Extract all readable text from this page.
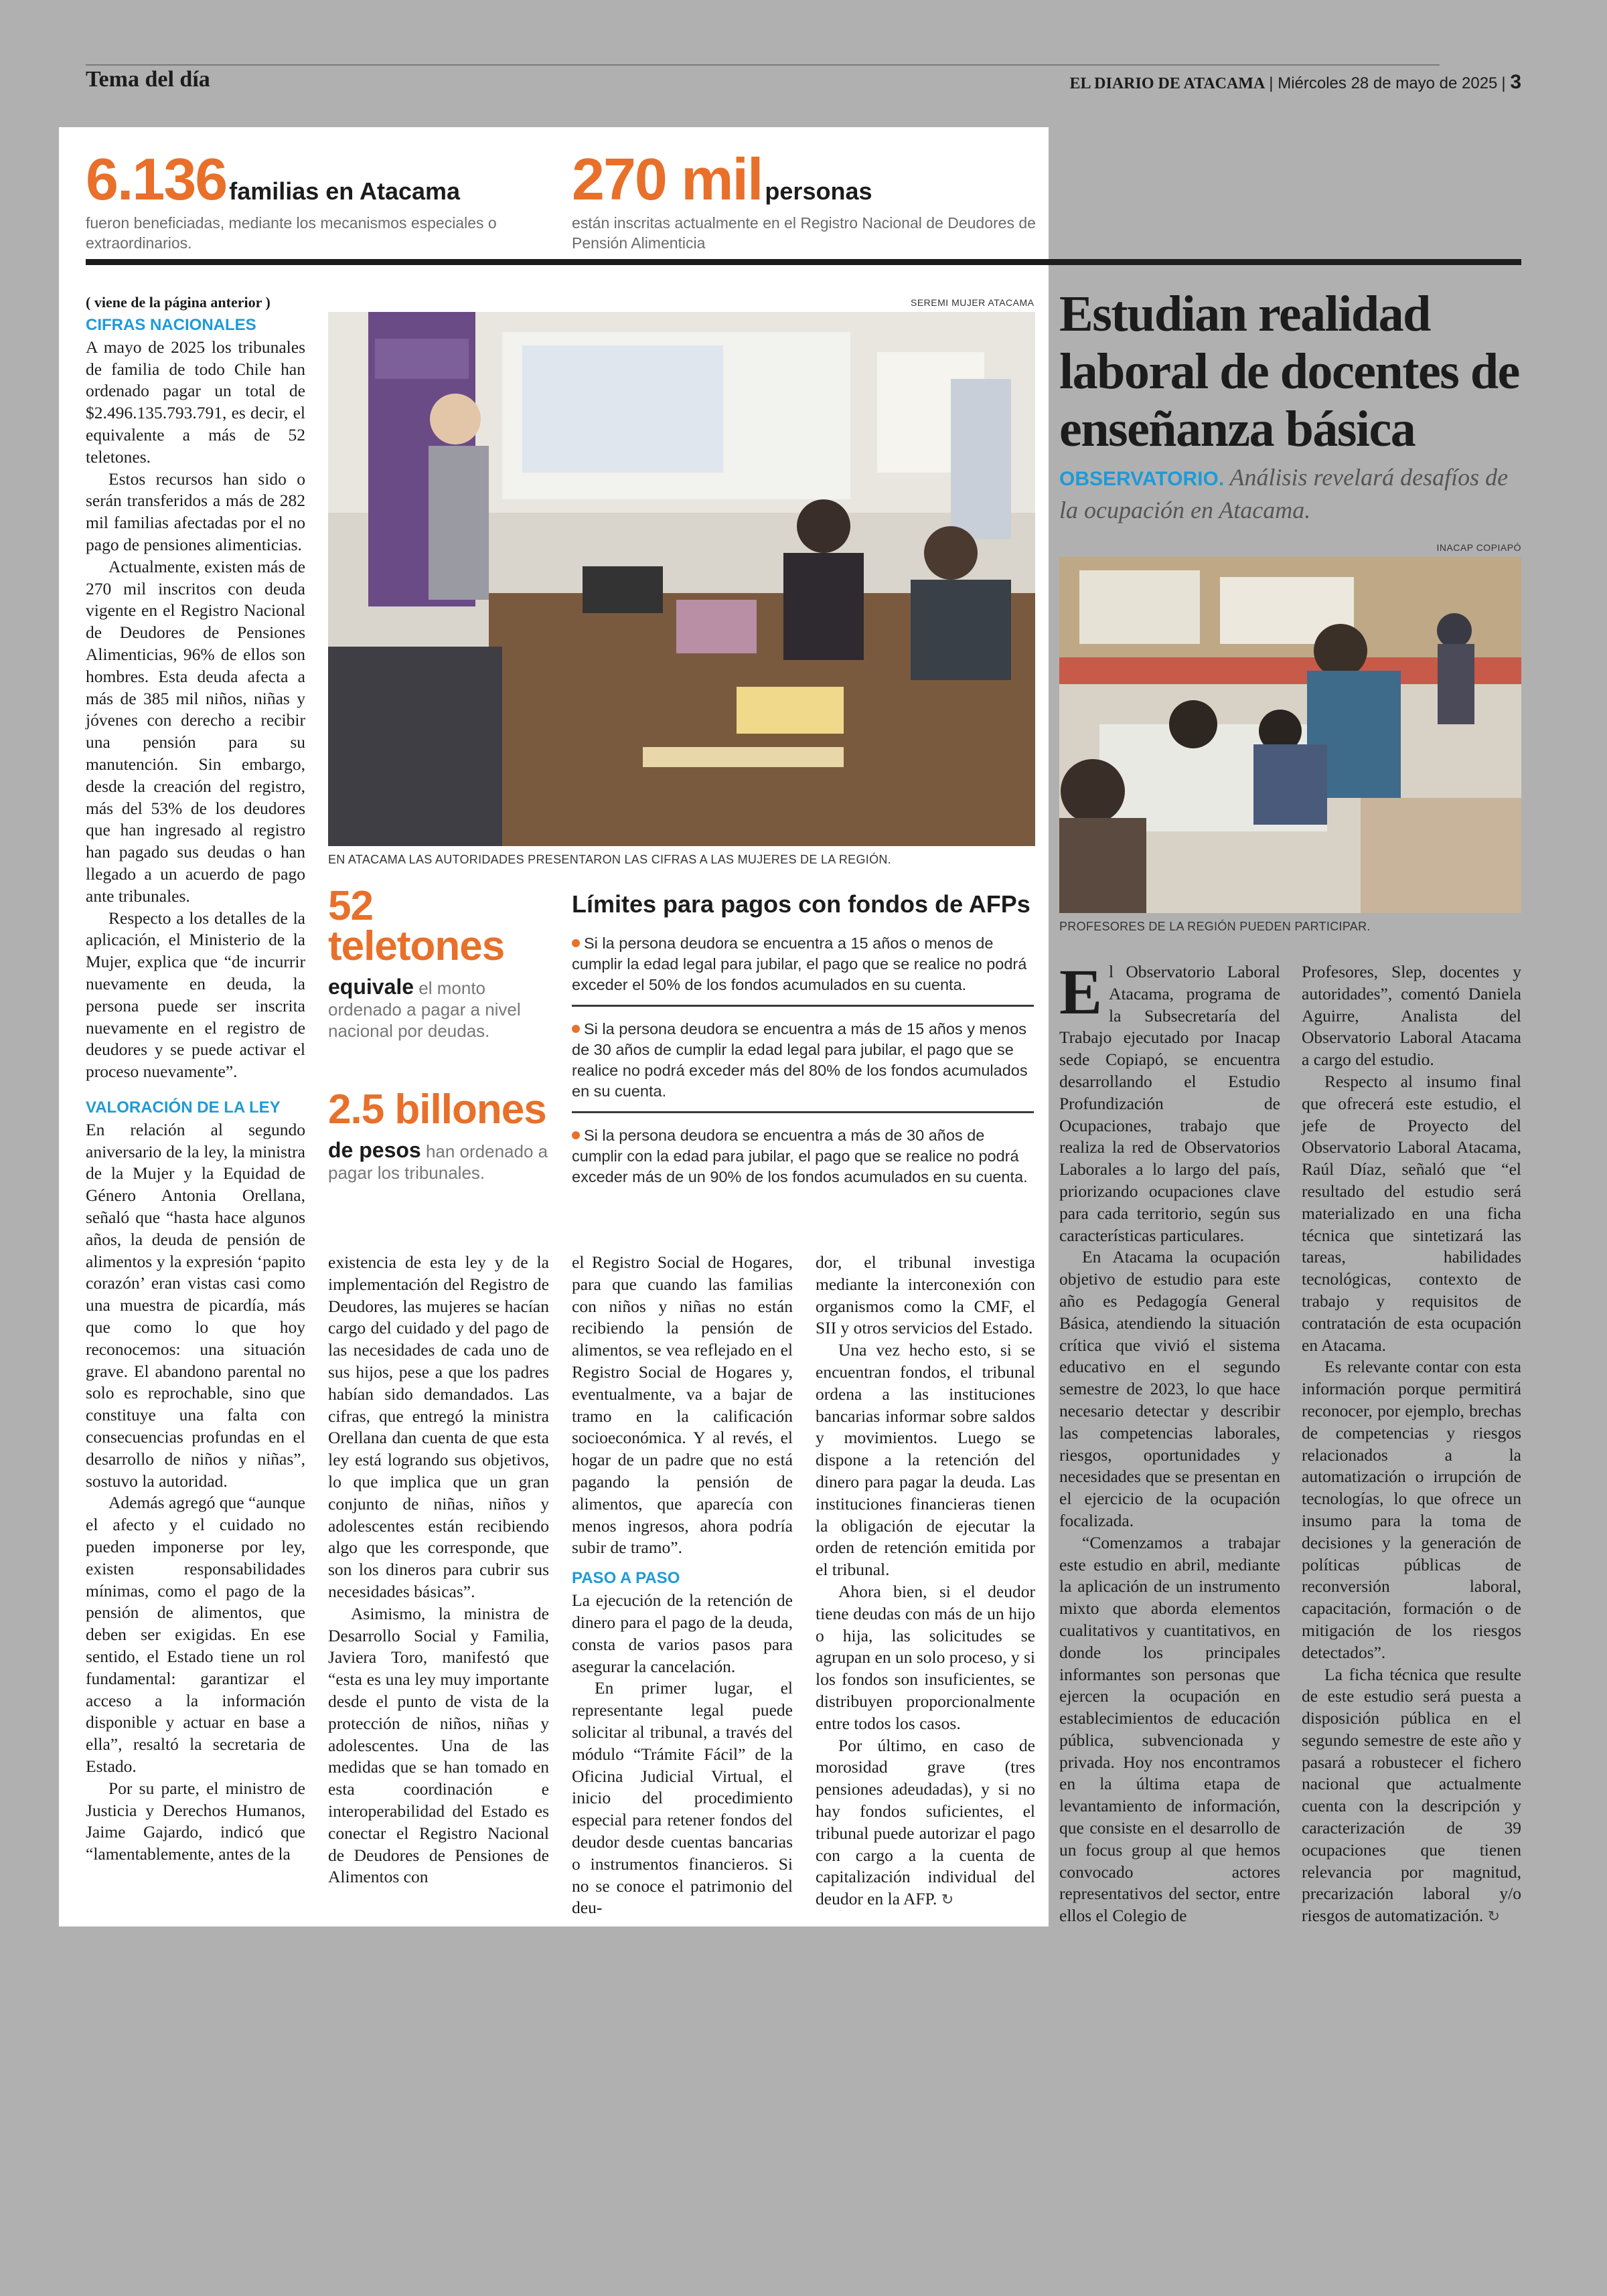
Tema del día	EL DIARIO DE ATACAMA | Miércoles 28 de mayo de 2025 | 3
6.136 familias en Atacama
fueron beneficiadas, mediante los mecanismos especiales o extraordinarios.
270 mil personas
están inscritas actualmente en el Registro Nacional de Deudores de Pensión Alimenticia

( viene de la página anterior )

CIFRAS NACIONALES

A mayo de 2025 los tribunales de familia de todo Chile han ordenado pagar un total de $2.496.135.793.791, es decir, el equivalente a más de 52 teletones.

Estos recursos han sido o serán transferidos a más de 282 mil familias afectadas por el no pago de pensiones alimenticias.

Actualmente, existen más de 270 mil inscritos con deuda vigente en el Registro Nacional de Deudores de Pensiones Alimenticias, 96% de ellos son hombres. Esta deuda afecta a más de 385 mil niños, niñas y jóvenes con derecho a recibir una pensión para su manutención. Sin embargo, desde la creación del registro, más del 53% de los deudores que han ingresado al registro han pagado sus deudas o han llegado a un acuerdo de pago ante tribunales.

Respecto a los detalles de la aplicación, el Ministerio de la Mujer, explica que “de incurrir nuevamente en deuda, la persona puede ser inscrita nuevamente en el registro de deudores y se puede activar el proceso nuevamente”.

VALORACIÓN DE LA LEY

En relación al segundo aniversario de la ley, la ministra de la Mujer y la Equidad de Género Antonia Orellana, señaló que “hasta hace algunos años, la deuda de pensión de alimentos y la expresión ‘papito corazón’ eran vistas casi como una muestra de picardía, más que como lo que hoy reconocemos: una situación grave. El abandono parental no solo es reprochable, sino que constituye una falta con consecuencias profundas en el desarrollo de niños y niñas”, sostuvo la autoridad.

Además agregó que “aunque el afecto y el cuidado no pueden imponerse por ley, existen responsabilidades mínimas, como el pago de la pensión de alimentos, que deben ser exigidas. En ese sentido, el Estado tiene un rol fundamental: garantizar el acceso a la información disponible y actuar en base a ella”, resaltó la secretaria de Estado.

Por su parte, el ministro de Justicia y Derechos Humanos, Jaime Gajardo, indicó que “lamentablemente, antes de la

SEREMI MUJER ATACAMA
EN ATACAMA LAS AUTORIDADES PRESENTARON LAS CIFRAS A LAS MUJERES DE LA REGIÓN.
52 teletones
equivale el monto ordenado a pagar a nivel nacional por deudas.
2.5 billones
de pesos han ordenado a pagar los tribunales.
Límites para pagos con fondos de AFPs
Si la persona deudora se encuentra a 15 años o menos de cumplir la edad legal para jubilar, el pago que se realice no podrá exceder el 50% de los fondos acumulados en su cuenta.
Si la persona deudora se encuentra a más de 15 años y menos de 30 años de cumplir la edad legal para jubilar, el pago que se realice no podrá exceder más del 80% de los fondos acumulados en su cuenta.
Si la persona deudora se encuentra a más de 30 años de cumplir con la edad para jubilar, el pago que se realice no podrá exceder más de un 90% de los fondos acumulados en su cuenta.

existencia de esta ley y de la implementación del Registro de Deudores, las mujeres se hacían cargo del cuidado y del pago de las necesidades de cada uno de sus hijos, pese a que los padres habían sido demandados. Las cifras, que entregó la ministra Orellana dan cuenta de que esta ley está logrando sus objetivos, lo que implica que un gran conjunto de niñas, niños y adolescentes están recibiendo algo que les corresponde, que son los dineros para cubrir sus necesidades básicas”.

Asimismo, la ministra de Desarrollo Social y Familia, Javiera Toro, manifestó que “esta es una ley muy importante desde el punto de vista de la protección de niños, niñas y adolescentes. Una de las medidas que se han tomado en esta coordinación e interoperabilidad del Estado es conectar el Registro Nacional de Deudores de Pensiones de Alimentos con

el Registro Social de Hogares, para que cuando las familias con niños y niñas no están recibiendo la pensión de alimentos, se vea reflejado en el Registro Social de Hogares y, eventualmente, va a bajar de tramo en la calificación socioeconómica. Y al revés, el hogar de un padre que no está pagando la pensión de alimentos, que aparecía con menos ingresos, ahora podría subir de tramo”.

PASO A PASO

La ejecución de la retención de dinero para el pago de la deuda, consta de varios pasos para asegurar la cancelación.

En primer lugar, el representante legal puede solicitar al tribunal, a través del módulo “Trámite Fácil” de la Oficina Judicial Virtual, el inicio del procedimiento especial para retener fondos del deudor desde cuentas bancarias o instrumentos financieros. Si no se conoce el patrimonio del deu-

dor, el tribunal investiga mediante la interconexión con organismos como la CMF, el SII y otros servicios del Estado.

Una vez hecho esto, si se encuentran fondos, el tribunal ordena a las instituciones bancarias informar sobre saldos y movimientos. Luego se dispone a la retención del dinero para pagar la deuda. Las instituciones financieras tienen la obligación de ejecutar la orden de retención emitida por el tribunal.

Ahora bien, si el deudor tiene deudas con más de un hijo o hija, las solicitudes se agrupan en un solo proceso, y si los fondos son insuficientes, se distribuyen proporcionalmente entre todos los casos.

Por último, en caso de morosidad grave (tres pensiones adeudadas), y si no hay fondos suficientes, el tribunal puede autorizar el pago con cargo a la cuenta de capitalización individual del deudor en la AFP. ↻

Estudian realidad laboral de docentes de enseñanza básica
OBSERVATORIO. Análisis revelará desafíos de la ocupación en Atacama.
INACAP COPIAPÓ
PROFESORES DE LA REGIÓN PUEDEN PARTICIPAR.

El Observatorio Laboral Atacama, programa de la Subsecretaría del Trabajo ejecutado por Inacap sede Copiapó, se encuentra desarrollando el Estudio Profundización de Ocupaciones, trabajo que realiza la red de Observatorios Laborales a lo largo del país, priorizando ocupaciones clave para cada territorio, según sus características particulares.

En Atacama la ocupación objetivo de estudio para este año es Pedagogía General Básica, atendiendo la situación crítica que vivió el sistema educativo en el segundo semestre de 2023, lo que hace necesario detectar y describir las competencias laborales, riesgos, oportunidades y necesidades que se presentan en el ejercicio de la ocupación focalizada.

“Comenzamos a trabajar este estudio en abril, mediante la aplicación de un instrumento mixto que aborda elementos cualitativos y cuantitativos, en donde los principales informantes son personas que ejercen la ocupación en establecimientos de educación pública, subvencionada y privada. Hoy nos encontramos en la última etapa de levantamiento de información, que consiste en el desarrollo de un focus group al que hemos convocado actores representativos del sector, entre ellos el Colegio de

Profesores, Slep, docentes y autoridades”, comentó Daniela Aguirre, Analista del Observatorio Laboral Atacama a cargo del estudio.

Respecto al insumo final que ofrecerá este estudio, el jefe de Proyecto del Observatorio Laboral Atacama, Raúl Díaz, señaló que “el resultado del estudio será materializado en una ficha técnica que sintetizará las tareas, habilidades tecnológicas, contexto de trabajo y requisitos de contratación de esta ocupación en Atacama.

Es relevante contar con esta información porque permitirá reconocer, por ejemplo, brechas de competencias y riesgos relacionados a la automatización o irrupción de tecnologías, lo que ofrece un insumo para la toma de decisiones y la generación de políticas públicas de reconversión laboral, capacitación, formación o de mitigación de los riesgos detectados”.

La ficha técnica que resulte de este estudio será puesta a disposición pública en el segundo semestre de este año y pasará a robustecer el fichero nacional que actualmente cuenta con la descripción y caracterización de 39 ocupaciones que tienen relevancia por magnitud, precarización laboral y/o riesgos de automatización. ↻
